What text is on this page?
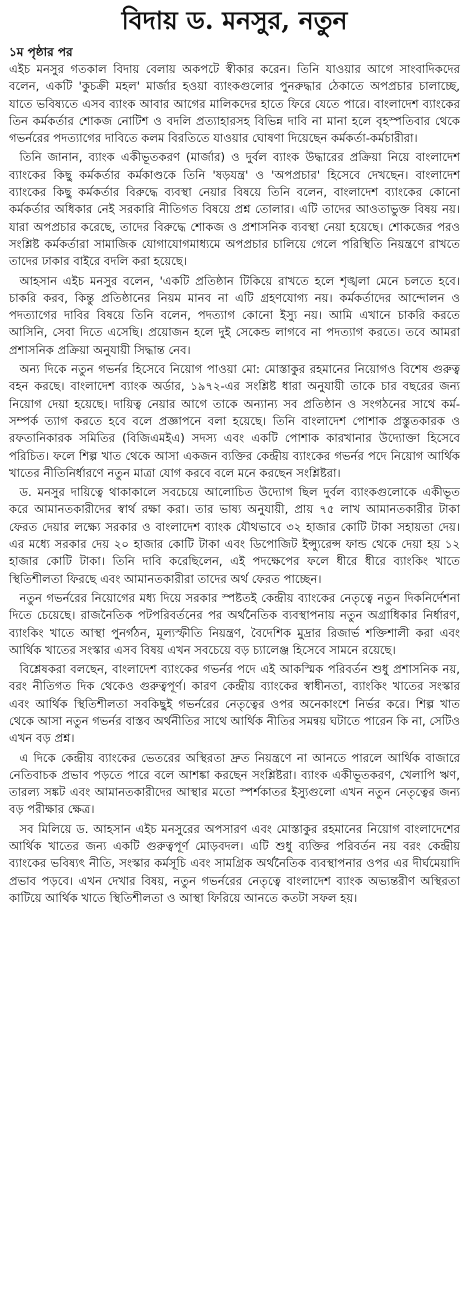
বিদায় ড. মনসুর, নতুন
১ম পৃষ্ঠার পর

এইচ মনসুর গতকাল বিদায় বেলায় অকপটে স্বীকার করেন। তিনি যাওয়ার আগে সাংবাদিকদের বলেন, একটি 'কুচক্রী মহল' মার্জার হওয়া ব্যাংকগুলোর পুনরুদ্ধার ঠেকাতে অপপ্রচার চালাচ্ছে, যাতে ভবিষ্যতে এসব ব্যাংক আবার আগের মালিকদের হাতে ফিরে যেতে পারে। বাংলাদেশ ব্যাংকের তিন কর্মকর্তার শোকজ নোটিশ ও বদলি প্রত্যাহারসহ বিভিন্ন দাবি না মানা হলে বৃহস্পতিবার থেকে গভর্নরের পদত্যাগের দাবিতে কলম বিরতিতে যাওয়ার ঘোষণা দিয়েছেন কর্মকর্তা-কর্মচারীরা।

তিনি জানান, ব্যাংক একীভূতকরণ (মার্জার) ও দুর্বল ব্যাংক উদ্ধারের প্রক্রিয়া নিয়ে বাংলাদেশ ব্যাংকের কিছু কর্মকর্তার কর্মকাণ্ডকে তিনি 'ষড়যন্ত্র' ও 'অপপ্রচার' হিসেবে দেখছেন। বাংলাদেশ ব্যাংকের কিছু কর্মকর্তার বিরুদ্ধে ব্যবস্থা নেয়ার বিষয়ে তিনি বলেন, বাংলাদেশ ব্যাংকের কোনো কর্মকর্তার অধিকার নেই সরকারি নীতিগত বিষয়ে প্রশ্ন তোলার। এটি তাদের আওতাভুক্ত বিষয় নয়। যারা অপপ্রচার করেছে, তাদের বিরুদ্ধে শোকজ ও প্রশাসনিক ব্যবস্থা নেয়া হয়েছে। শোকজের পরও সংশ্লিষ্ট কর্মকর্তারা সামাজিক যোগাযোগমাধ্যমে অপপ্রচার চালিয়ে গেলে পরিস্থিতি নিয়ন্ত্রণে রাখতে তাদের ঢাকার বাইরে বদলি করা হয়েছে।

আহসান এইচ মনসুর বলেন, 'একটি প্রতিষ্ঠান টিকিয়ে রাখতে হলে শৃঙ্খলা মেনে চলতে হবে। চাকরি করব, কিন্তু প্রতিষ্ঠানের নিয়ম মানব না এটি গ্রহণযোগ্য নয়। কর্মকর্তাদের আন্দোলন ও পদত্যাগের দাবির বিষয়ে তিনি বলেন, পদত্যাগ কোনো ইস্যু নয়। আমি এখানে চাকরি করতে আসিনি, সেবা দিতে এসেছি। প্রয়োজন হলে দুই সেকেন্ড লাগবে না পদত্যাগ করতে। তবে আমরা প্রশাসনিক প্রক্রিয়া অনুযায়ী সিদ্ধান্ত নেব।

অন্য দিকে নতুন গভর্নর হিসেবে নিয়োগ পাওয়া মো: মোস্তাকুর রহমানের নিয়োগও বিশেষ গুরুত্ব বহন করছে। বাংলাদেশ ব্যাংক অর্ডার, ১৯৭২-এর সংশ্লিষ্ট ধারা অনুযায়ী তাকে চার বছরের জন্য নিয়োগ দেয়া হয়েছে। দায়িত্ব নেয়ার আগে তাকে অন্যান্য সব প্রতিষ্ঠান ও সংগঠনের সাথে কর্ম-সম্পর্ক ত্যাগ করতে হবে বলে প্রজ্ঞাপনে বলা হয়েছে। তিনি বাংলাদেশ পোশাক প্রস্তুতকারক ও রফতানিকারক সমিতির (বিজিএমইএ) সদস্য এবং একটি পোশাক কারখানার উদ্যোক্তা হিসেবে পরিচিত। ফলে শিল্প খাত থেকে আসা একজন ব্যক্তির কেন্দ্রীয় ব্যাংকের গভর্নর পদে নিয়োগ আর্থিক খাতের নীতিনির্ধারণে নতুন মাত্রা যোগ করবে বলে মনে করছেন সংশ্লিষ্টরা।

ড. মনসুর দায়িত্বে থাকাকালে সবচেয়ে আলোচিত উদ্যোগ ছিল দুর্বল ব্যাংকগুলোকে একীভূত করে আমানতকারীদের স্বার্থ রক্ষা করা। তার ভাষ্য অনুযায়ী, প্রায় ৭৫ লাখ আমানতকারীর টাকা ফেরত দেয়ার লক্ষ্যে সরকার ও বাংলাদেশ ব্যাংক যৌথভাবে ৩২ হাজার কোটি টাকা সহায়তা দেয়। এর মধ্যে সরকার দেয় ২০ হাজার কোটি টাকা এবং ডিপোজিট ইন্স্যুরেন্স ফান্ড থেকে দেয়া হয় ১২ হাজার কোটি টাকা। তিনি দাবি করেছিলেন, এই পদক্ষেপের ফলে ধীরে ধীরে ব্যাংকিং খাতে স্থিতিশীলতা ফিরছে এবং আমানতকারীরা তাদের অর্থ ফেরত পাচ্ছেন।

নতুন গভর্নরের নিয়োগের মধ্য দিয়ে সরকার স্পষ্টতই কেন্দ্রীয় ব্যাংকের নেতৃত্বে নতুন দিকনির্দেশনা দিতে চেয়েছে। রাজনৈতিক পটপরিবর্তনের পর অর্থনৈতিক ব্যবস্থাপনায় নতুন অগ্রাধিকার নির্ধারণ, ব্যাংকিং খাতে আস্থা পুনর্গঠন, মূল্যস্ফীতি নিয়ন্ত্রণ, বৈদেশিক মুদ্রার রিজার্ভ শক্তিশালী করা এবং আর্থিক খাতের সংস্কার এসব বিষয় এখন সবচেয়ে বড় চ্যালেঞ্জ হিসেবে সামনে রয়েছে।

বিশ্লেষকরা বলছেন, বাংলাদেশ ব্যাংকের গভর্নর পদে এই আকস্মিক পরিবর্তন শুধু প্রশাসনিক নয়, বরং নীতিগত দিক থেকেও গুরুত্বপূর্ণ। কারণ কেন্দ্রীয় ব্যাংকের স্বাধীনতা, ব্যাংকিং খাতের সংস্কার এবং আর্থিক স্থিতিশীলতা সবকিছুই গভর্নরের নেতৃত্বের ওপর অনেকাংশে নির্ভর করে। শিল্প খাত থেকে আসা নতুন গভর্নর বাস্তব অর্থনীতির সাথে আর্থিক নীতির সমন্বয় ঘটাতে পারেন কি না, সেটিও এখন বড় প্রশ্ন।

এ দিকে কেন্দ্রীয় ব্যাংকের ভেতরের অস্থিরতা দ্রুত নিয়ন্ত্রণে না আনতে পারলে আর্থিক বাজারে নেতিবাচক প্রভাব পড়তে পারে বলে আশঙ্কা করছেন সংশ্লিষ্টরা। ব্যাংক একীভূতকরণ, খেলাপি ঋণ, তারল্য সঙ্কট এবং আমানতকারীদের আস্থার মতো স্পর্শকাতর ইস্যুগুলো এখন নতুন নেতৃত্বের জন্য বড় পরীক্ষার ক্ষেত্র।

সব মিলিয়ে ড. আহসান এইচ মনসুরের অপসারণ এবং মোস্তাকুর রহমানের নিয়োগ বাংলাদেশের আর্থিক খাতের জন্য একটি গুরুত্বপূর্ণ মোড়বদল। এটি শুধু ব্যক্তির পরিবর্তন নয় বরং কেন্দ্রীয় ব্যাংকের ভবিষ্যৎ নীতি, সংস্কার কর্মসূচি এবং সামগ্রিক অর্থনৈতিক ব্যবস্থাপনার ওপর এর দীর্ঘমেয়াদি প্রভাব পড়বে। এখন দেখার বিষয়, নতুন গভর্নরের নেতৃত্বে বাংলাদেশ ব্যাংক অভ্যন্তরীণ অস্থিরতা কাটিয়ে আর্থিক খাতে স্থিতিশীলতা ও আস্থা ফিরিয়ে আনতে কতটা সফল হয়।
